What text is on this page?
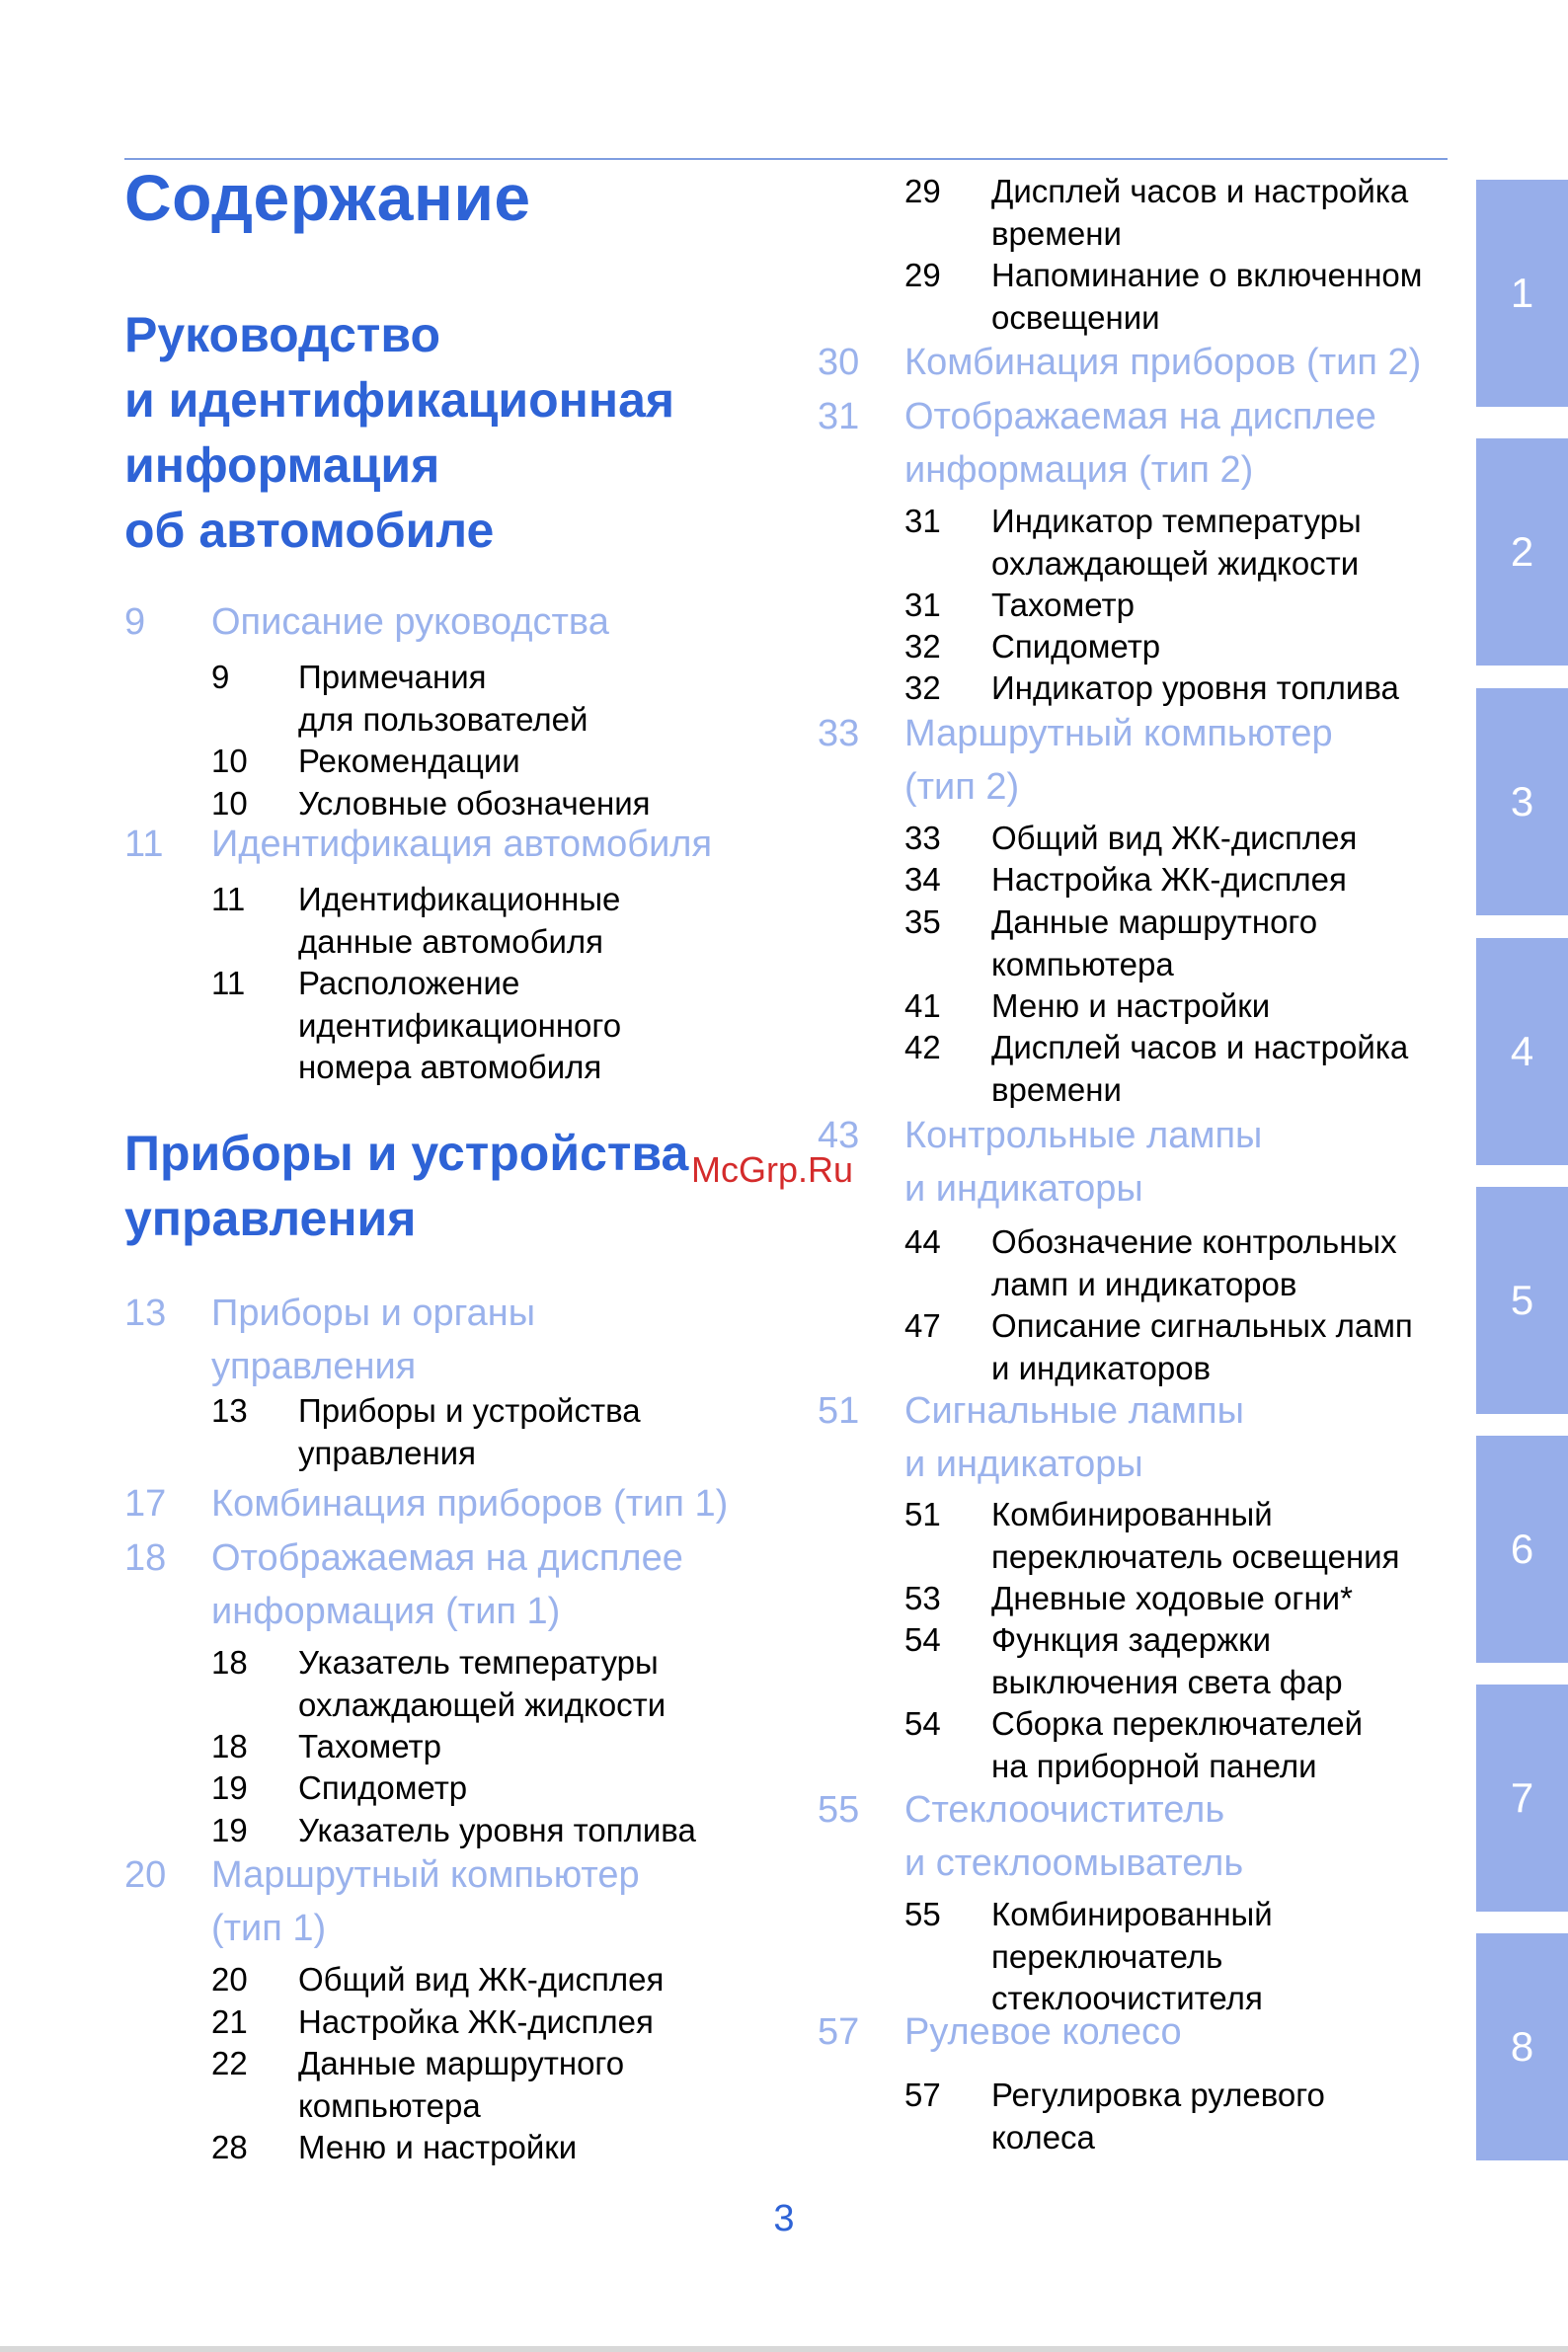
Содержание
Руководство
и идентификационная
информация
об автомобиле
Приборы и устройства
управления
9 Описание руководства
9 Примечания
для пользователей
10 Рекомендации
10 Условные обозначения
11 Идентификация автомобиля
11 Идентификационные
данные автомобиля
11 Расположение
идентификационного
номера автомобиля
13 Приборы и органы
управления
13 Приборы и устройства
управления
17 Комбинация приборов (тип 1)
18 Отображаемая на дисплее
информация (тип 1)
18 Указатель температуры
охлаждающей жидкости
18 Тахометр
19 Спидометр
19 Указатель уровня топлива
20 Маршрутный компьютер
(тип 1)
20 Общий вид ЖК-дисплея
21 Настройка ЖК-дисплея
22 Данные маршрутного
компьютера
28 Меню и настройки
29 Дисплей часов и настройка
времени
29 Напоминание о включенном
освещении
30 Комбинация приборов (тип 2)
31 Отображаемая на дисплее
информация (тип 2)
31 Индикатор температуры
охлаждающей жидкости
31 Тахометр
32 Спидометр
32 Индикатор уровня топлива
33 Маршрутный компьютер
(тип 2)
33 Общий вид ЖК-дисплея
34 Настройка ЖК-дисплея
35 Данные маршрутного
компьютера
41 Меню и настройки
42 Дисплей часов и настройка
времени
43 Контрольные лампы
и индикаторы
44 Обозначение контрольных
ламп и индикаторов
47 Описание сигнальных ламп
и индикаторов
51 Сигнальные лампы
и индикаторы
51 Комбинированный
переключатель освещения
53 Дневные ходовые огни*
54 Функция задержки
выключения света фар
54 Сборка переключателей
на приборной панели
55 Стеклоочиститель
и стеклоомыватель
55 Комбинированный
переключатель
стеклоочистителя
57 Рулевое колесо
57 Регулировка рулевого
колеса
McGrp.Ru
1
2
3
4
5
6
7
8
3
